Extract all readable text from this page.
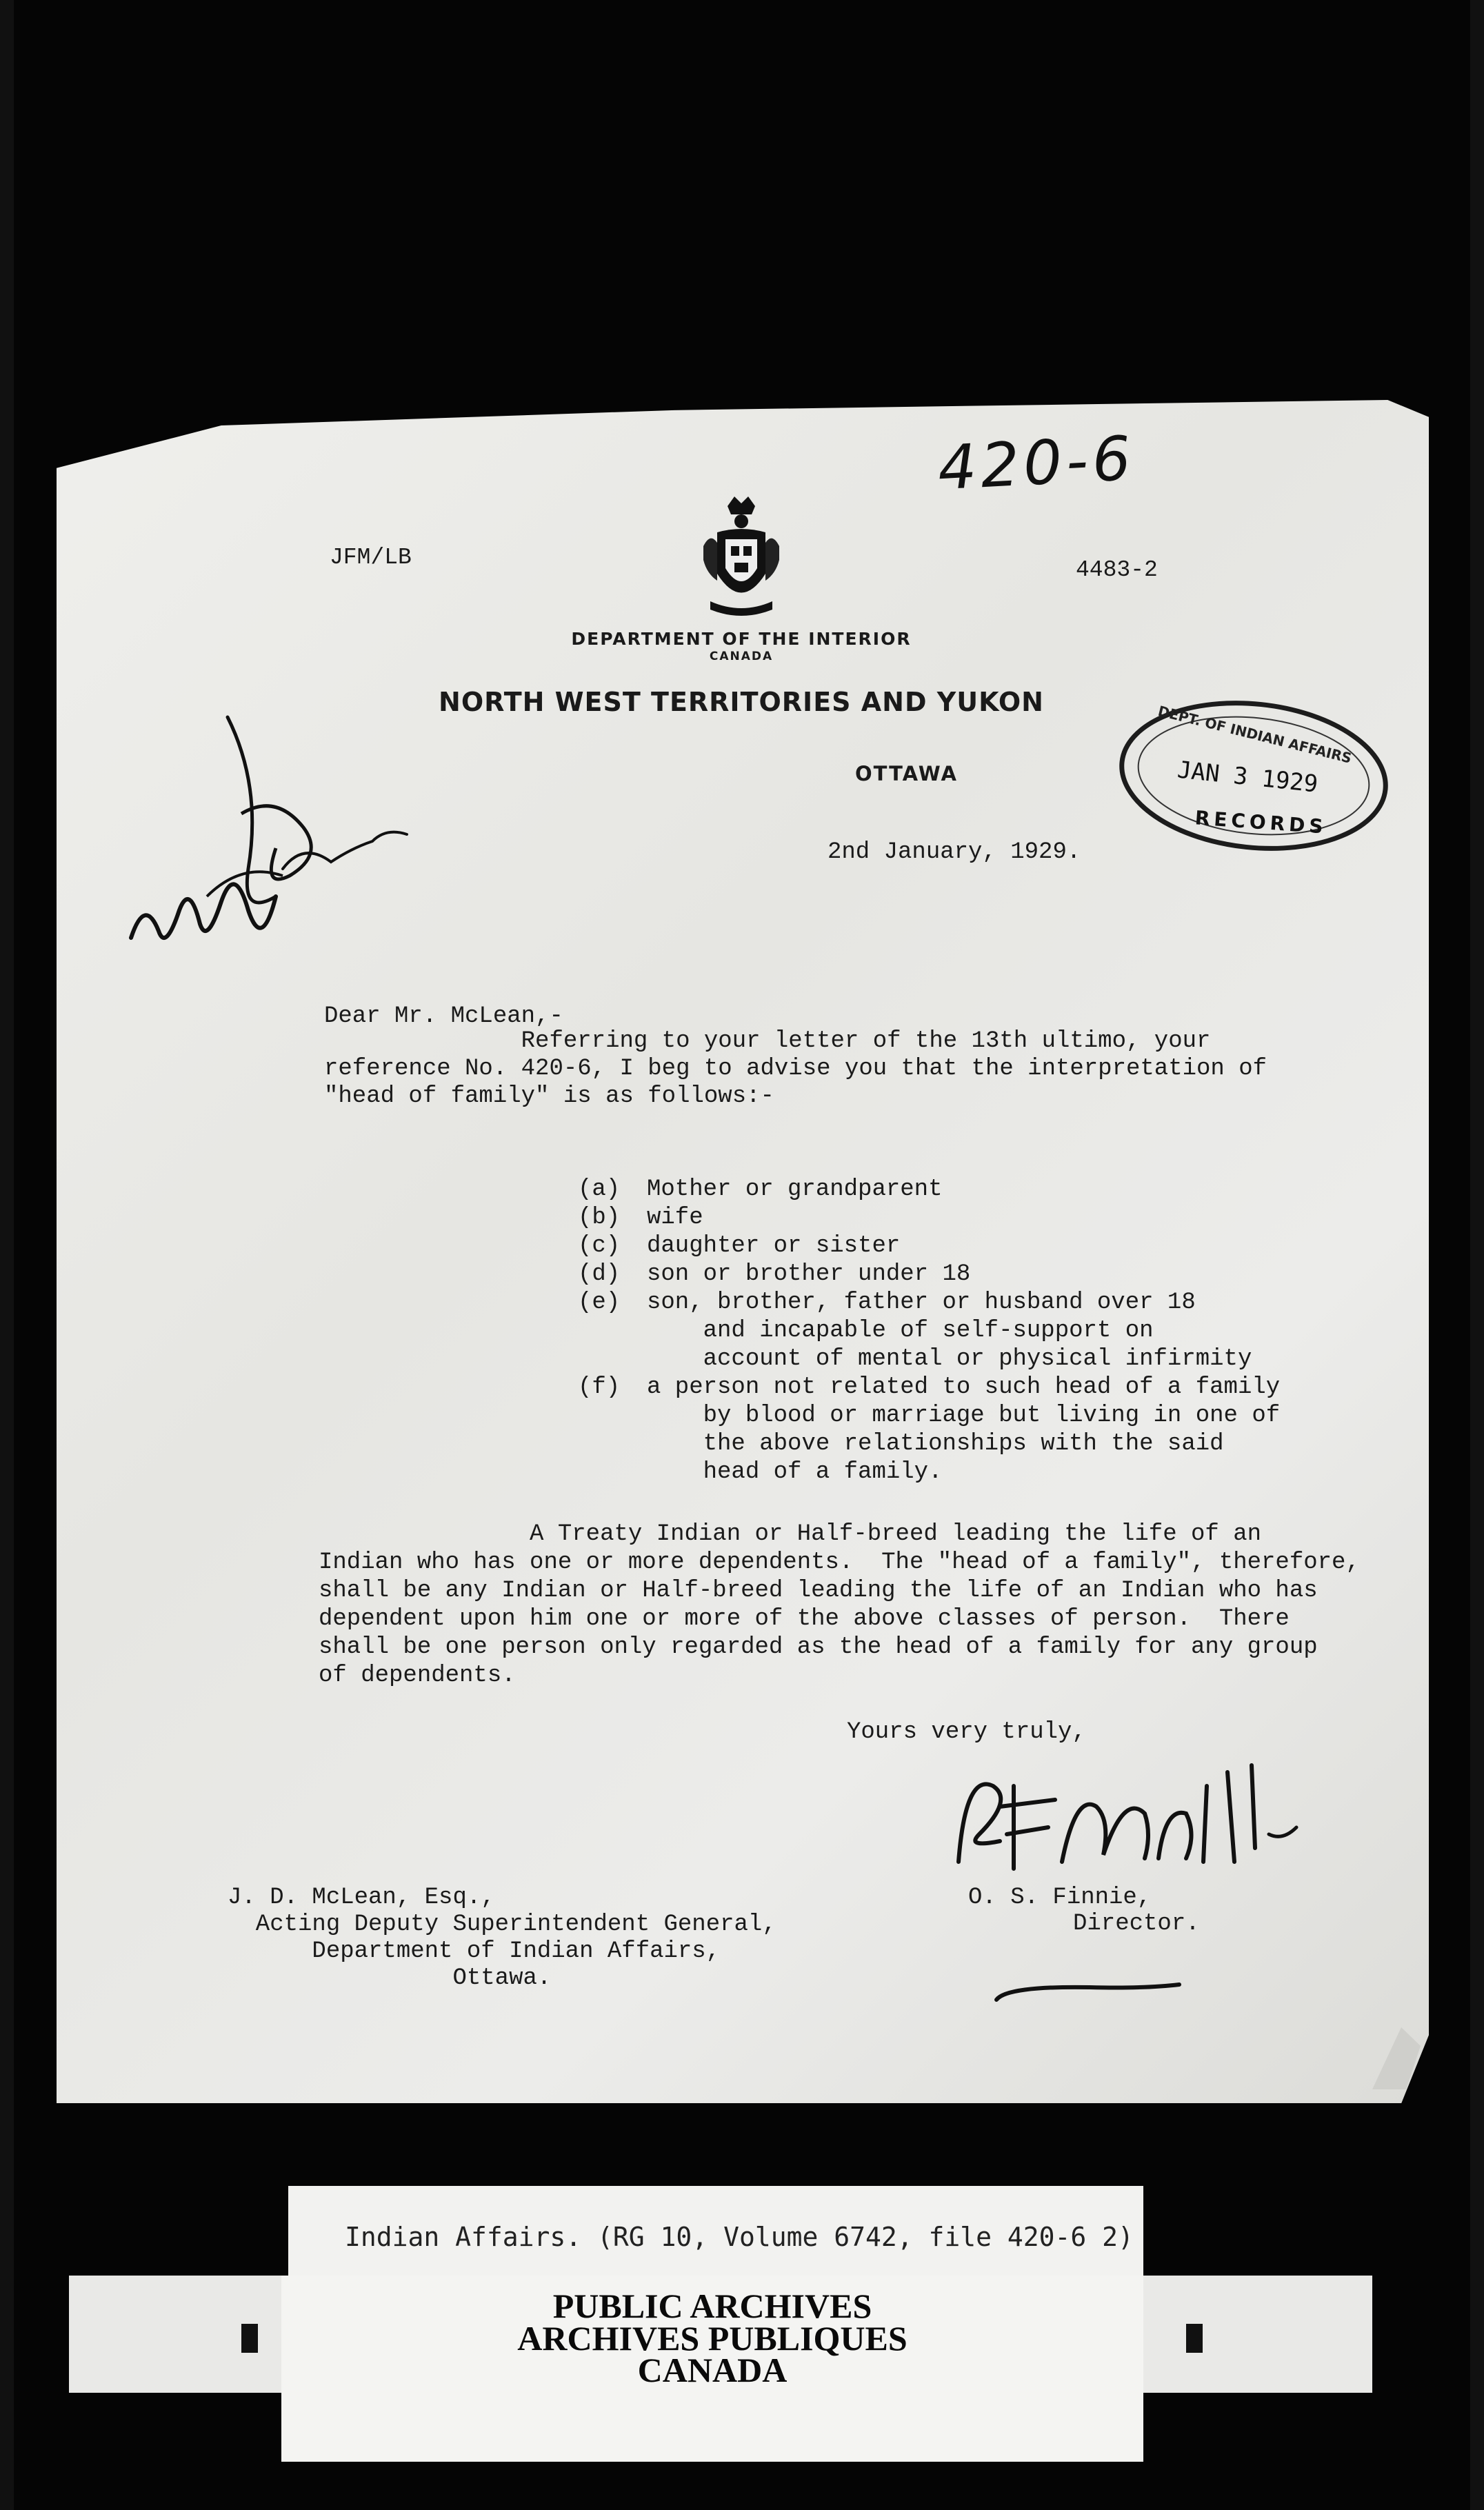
420-6
JFM/LB	4483-2
DEPARTMENT OF THE INTERIOR
CANADA
NORTH WEST TERRITORIES AND YUKON
OTTAWA
2nd January, 1929.
DEPT. OF INDIAN AFFAIRS
JAN 3 1929
RECORDS
Dear Mr. McLean,-
Referring to your letter of the 13th ultimo, your
reference No. 420-6, I beg to advise you that the interpretation of
"head of family" is as follows:-
(a)	Mother or grandparent
(b)	wife
(c)	daughter or sister
(d)	son or brother under 18
(e)	son, brother, father or husband over 18
and incapable of self-support on
account of mental or physical infirmity
(f)	a person not related to such head of a family
by blood or marriage but living in one of
the above relationships with the said
head of a family.
A Treaty Indian or Half-breed leading the life of an
Indian who has one or more dependents.  The "head of a family", therefore,
shall be any Indian or Half-breed leading the life of an Indian who has
dependent upon him one or more of the above classes of person.  There
shall be one person only regarded as the head of a family for any group
of dependents.
Yours very truly,
O. S. Finnie,
Director.
J. D. McLean, Esq.,
Acting Deputy Superintendent General,
Department of Indian Affairs,
Ottawa.
Indian Affairs. (RG 10, Volume 6742, file 420-6 2)
PUBLIC ARCHIVES
ARCHIVES PUBLIQUES
CANADA
